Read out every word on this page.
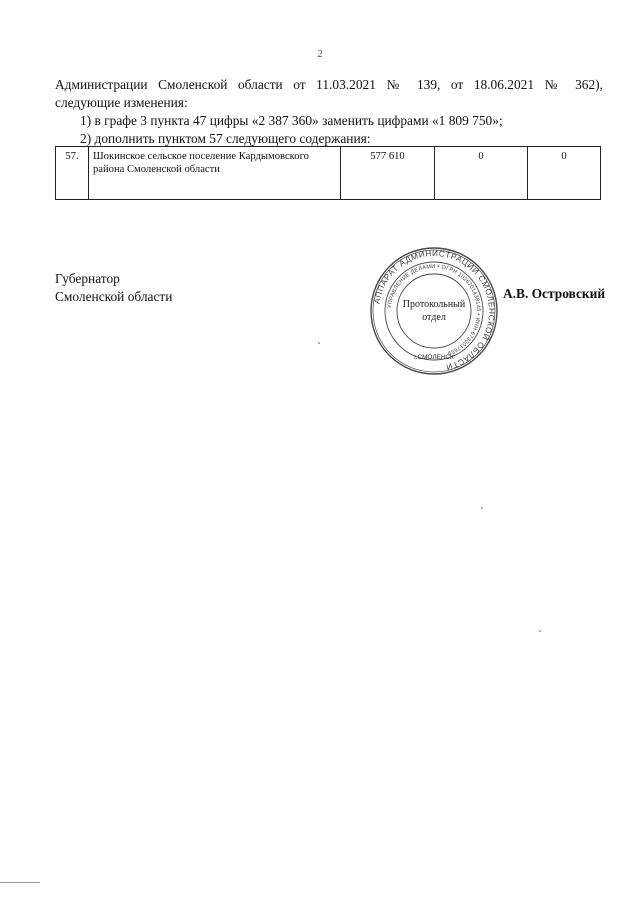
2
Администрации Смоленской области от 11.03.2021 № 139, от 18.06.2021 № 362),
следующие изменения:
1) в графе 3 пункта 47 цифры «2 387 360» заменить цифрами «1 809 750»;
2) дополнить пунктом 57 следующего содержания:
57.	Шокинское сельское поселение Кардымовского района Смоленской области	577 610	0	0
Губернатор
Смоленской области	АППАРАТ АДМИНИСТРАЦИИ СМОЛЕНСКОЙ ОБЛАСТИ
УПРАВЛЕНИЕ ДЕЛАМИ • ОГРН 1026701438145 • ИНН 6730017659
г.СМОЛЕНСК
Протокольный
отдел
А.В. Островский
